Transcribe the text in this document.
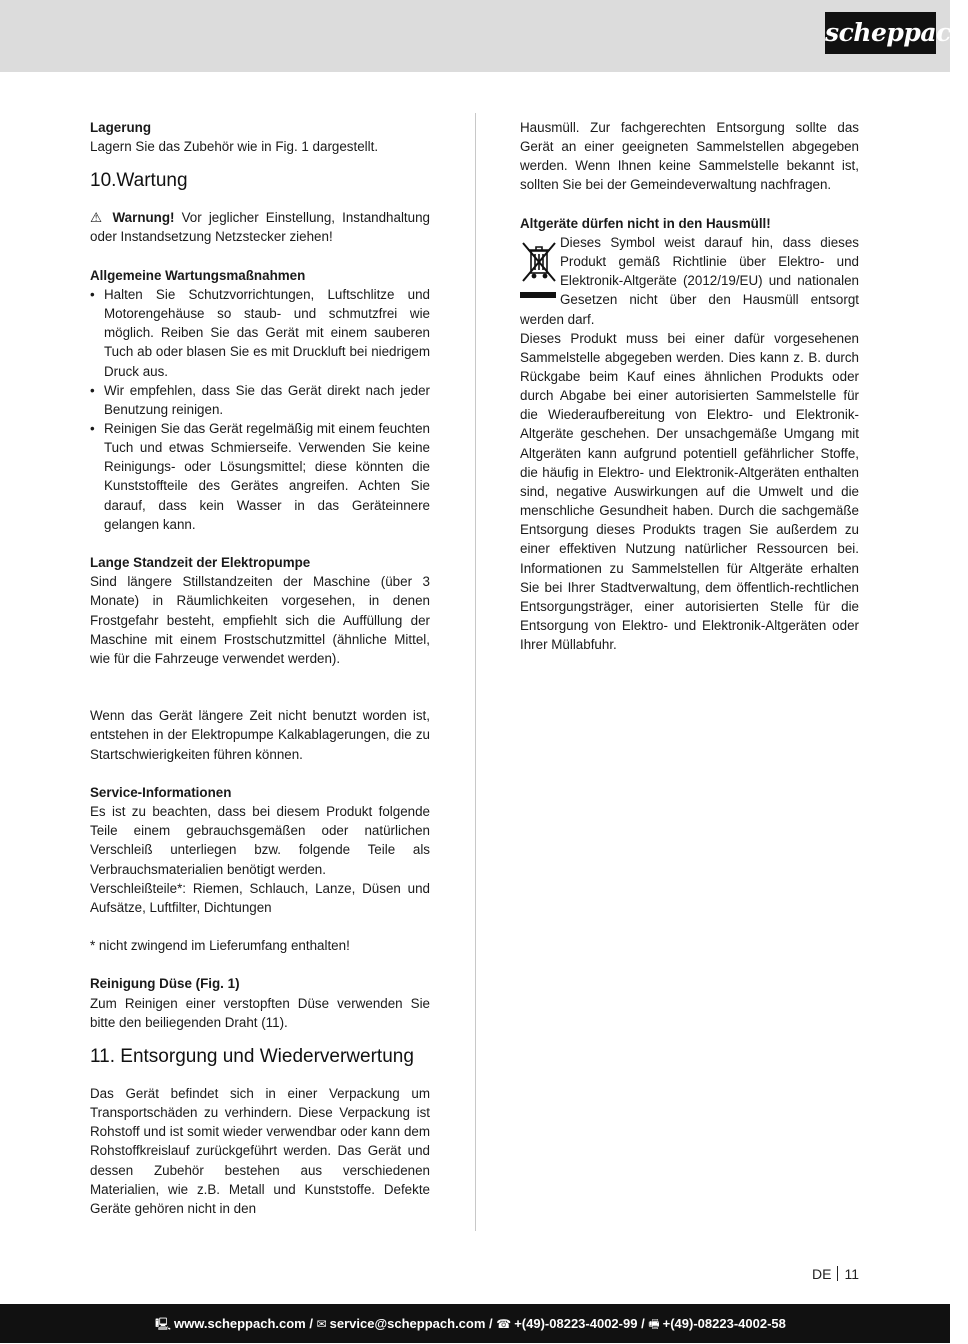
scheppach

Lagerung

Lagern Sie das Zubehör wie in Fig. 1 dargestellt.

10.Wartung

⚠ Warnung! Vor jeglicher Einstellung, Instandhaltung oder Instandsetzung Netzstecker ziehen!

Allgemeine Wartungsmaßnahmen

• Halten Sie Schutzvorrichtungen, Luftschlitze und Motorengehäuse so staub- und schmutzfrei wie möglich. Reiben Sie das Gerät mit einem sauberen Tuch ab oder blasen Sie es mit Druckluft bei niedrigem Druck aus.
• Wir empfehlen, dass Sie das Gerät direkt nach jeder Benutzung reinigen.
• Reinigen Sie das Gerät regelmäßig mit einem feuchten Tuch und etwas Schmierseife. Verwenden Sie keine Reinigungs- oder Lösungsmittel; diese könnten die Kunststoffteile des Gerätes angreifen. Achten Sie darauf, dass kein Wasser in das Geräteinnere gelangen kann.

Lange Standzeit der Elektropumpe

Sind längere Stillstandzeiten der Maschine (über 3 Monate) in Räumlichkeiten vorgesehen, in denen Frostgefahr besteht, empfiehlt sich die Auffüllung der Maschine mit einem Frostschutzmittel (ähnliche Mittel, wie für die Fahrzeuge verwendet werden).

Wenn das Gerät längere Zeit nicht benutzt worden ist, entstehen in der Elektropumpe Kalkablagerungen, die zu Startschwierigkeiten führen können.

Service-Informationen

Es ist zu beachten, dass bei diesem Produkt folgende Teile einem gebrauchsgemäßen oder natürlichen Verschleiß unterliegen bzw. folgende Teile als Verbrauchsmaterialien benötigt werden.

Verschleißteile*: Riemen, Schlauch, Lanze, Düsen und Aufsätze, Luftfilter, Dichtungen

* nicht zwingend im Lieferumfang enthalten!

Reinigung Düse (Fig. 1)

Zum Reinigen einer verstopften Düse verwenden Sie bitte den beiliegenden Draht (11).

11. Entsorgung und Wiederverwertung

Das Gerät befindet sich in einer Verpackung um Transportschäden zu verhindern. Diese Verpackung ist Rohstoff und ist somit wieder verwendbar oder kann dem Rohstoffkreislauf zurückgeführt werden. Das Gerät und dessen Zubehör bestehen aus verschiedenen Materialien, wie z.B. Metall und Kunststoffe. Defekte Geräte gehören nicht in den

Hausmüll. Zur fachgerechten Entsorgung sollte das Gerät an einer geeigneten Sammelstellen abgegeben werden. Wenn Ihnen keine Sammelstelle bekannt ist, sollten Sie bei der Gemeindeverwaltung nachfragen.

Altgeräte dürfen nicht in den Hausmüll!

Dieses Symbol weist darauf hin, dass dieses Produkt gemäß Richtlinie über Elektro- und Elektronik-Altgeräte (2012/19/EU) und nationalen Gesetzen nicht über den Hausmüll entsorgt werden darf.

Dieses Produkt muss bei einer dafür vorgesehenen Sammelstelle abgegeben werden. Dies kann z. B. durch Rückgabe beim Kauf eines ähnlichen Produkts oder durch Abgabe bei einer autorisierten Sammelstelle für die Wiederaufbereitung von Elektro- und Elektronik- Altgeräte geschehen. Der unsachgemäße Umgang mit Altgeräten kann aufgrund potentiell gefährlicher Stoffe, die häufig in Elektro- und Elektronik-Altgeräten enthalten sind, negative Auswirkungen auf die Umwelt und die menschliche Gesundheit haben. Durch die sachgemäße Entsorgung dieses Produkts tragen Sie außerdem zu einer effektiven Nutzung natürlicher Ressourcen bei. Informationen zu Sammelstellen für Altgeräte erhalten Sie bei Ihrer Stadtverwaltung, dem öffentlich-rechtlichen Entsorgungsträger, einer autorisierten Stelle für die Entsorgung von Elektro- und Elektronik-Altgeräten oder Ihrer Müllabfuhr.

DE 11
🖳 www.scheppach.com / ✉ service@scheppach.com / ☎ +(49)-08223-4002-99 / 🖷 +(49)-08223-4002-58
